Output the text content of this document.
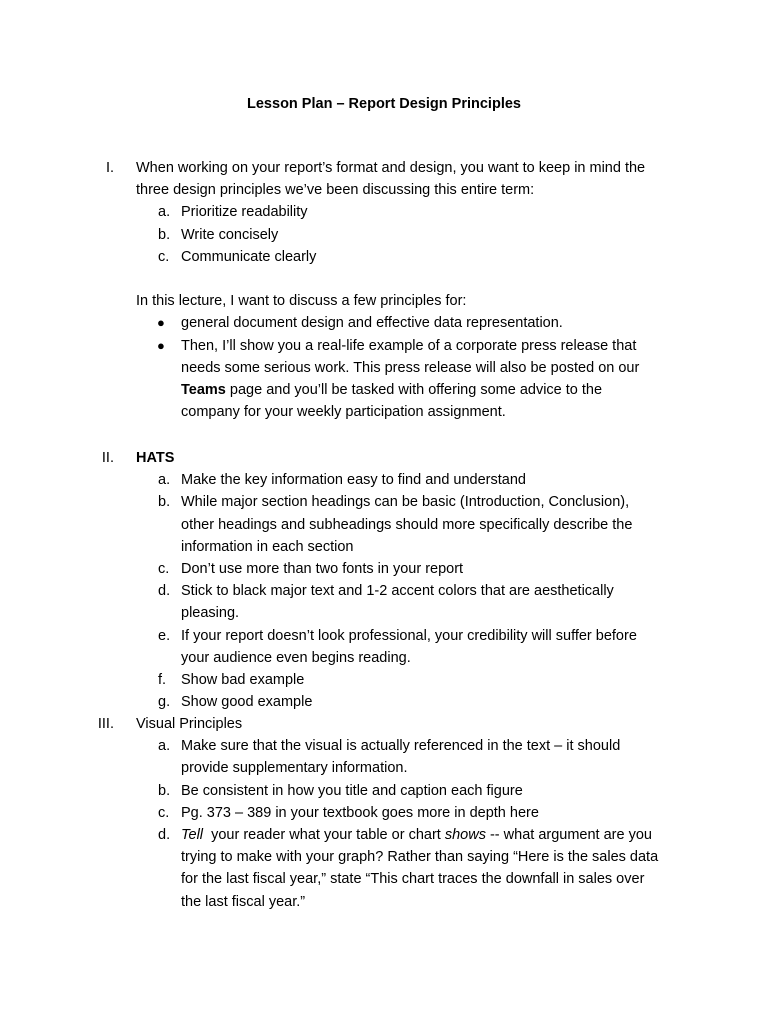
Lesson Plan – Report Design Principles
I. When working on your report’s format and design, you want to keep in mind the
three design principles we’ve been discussing this entire term:
a. Prioritize readability
b. Write concisely
c. Communicate clearly
In this lecture, I want to discuss a few principles for:
● general document design and effective data representation.
● Then, I’ll show you a real-life example of a corporate press release that
needs some serious work. This press release will also be posted on our
Teams page and you’ll be tasked with offering some advice to the
company for your weekly participation assignment.
II. HATS
a. Make the key information easy to find and understand
b. While major section headings can be basic (Introduction, Conclusion),
other headings and subheadings should more specifically describe the
information in each section
c. Don’t use more than two fonts in your report
d. Stick to black major text and 1-2 accent colors that are aesthetically
pleasing.
e. If your report doesn’t look professional, your credibility will suffer before
your audience even begins reading.
f. Show bad example
g. Show good example
III. Visual Principles
a. Make sure that the visual is actually referenced in the text – it should
provide supplementary information.
b. Be consistent in how you title and caption each figure
c. Pg. 373 – 389 in your textbook goes more in depth here
d. Tell  your reader what your table or chart shows -- what argument are you
trying to make with your graph? Rather than saying “Here is the sales data
for the last fiscal year,” state “This chart traces the downfall in sales over
the last fiscal year.”
